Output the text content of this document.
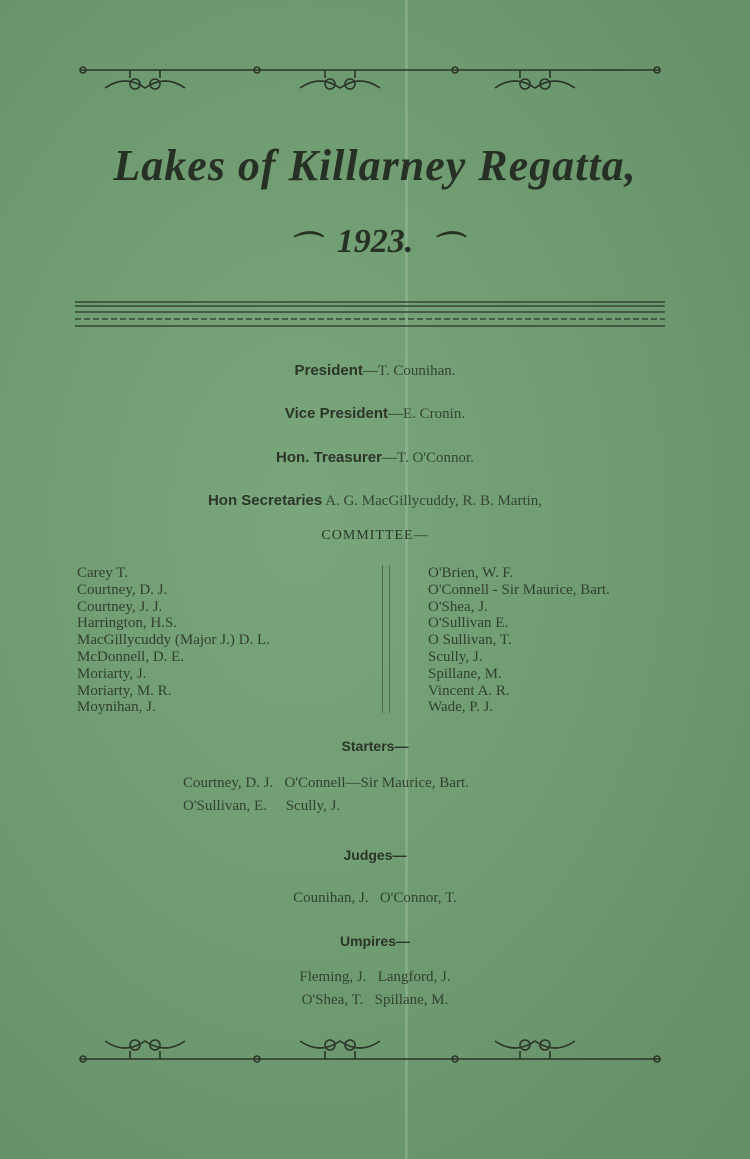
Lakes of Killarney Regatta,
⌒ 1923. ⌒
President—T. Counihan.
Vice President—E. Cronin.
Hon. Treasurer—T. O'Connor.
Hon Secretaries A. G. MacGillycuddy, R. B. Martin,
COMMITTEE—
Carey T.
Courtney, D. J.
Courtney, J. J.
Harrington, H.S.
MacGillycuddy (Major J.) D. L.
McDonnell, D. E.
Moriarty, J.
Moriarty, M. R.
Moynihan, J.
O'Brien, W. F.
O'Connell - Sir Maurice, Bart.
O'Shea, J.
O'Sullivan E.
O Sullivan, T.
Scully, J.
Spillane, M.
Vincent A. R.
Wade, P. J.
Starters—
Courtney, D. J.   O'Connell—Sir Maurice, Bart.
O'Sullivan, E.     Scully, J.
Judges—
Counihan, J.   O'Connor, T.
Umpires—
Fleming, J.   Langford, J.
O'Shea, T.   Spillane, M.
